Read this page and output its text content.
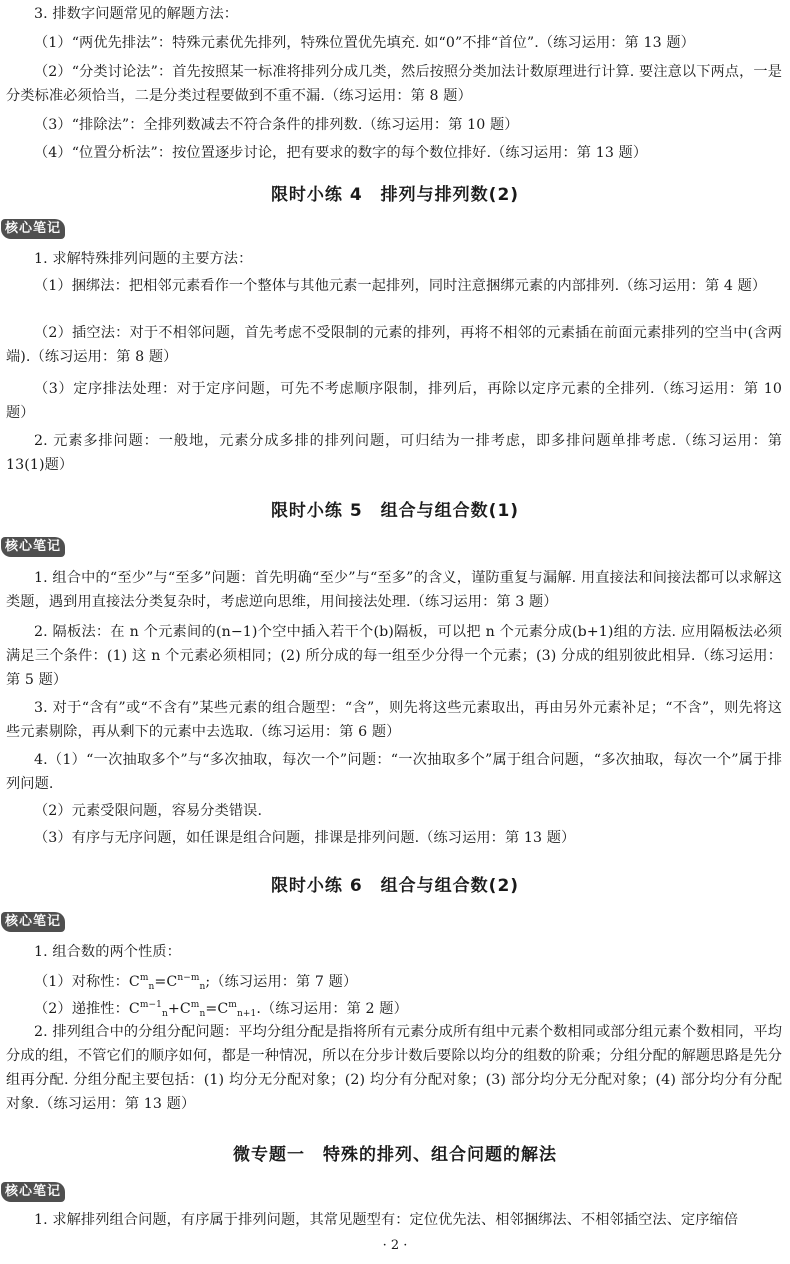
3. 排数字问题常见的解题方法：

（1）“两优先排法”：特殊元素优先排列，特殊位置优先填充. 如“0”不排“首位”.（练习运用：第 13 题）

（2）“分类讨论法”：首先按照某一标准将排列分成几类，然后按照分类加法计数原理进行计算. 要注意以下两点，一是分类标准必须恰当，二是分类过程要做到不重不漏.（练习运用：第 8 题）

（3）“排除法”：全排列数减去不符合条件的排列数.（练习运用：第 10 题）

（4）“位置分析法”：按位置逐步讨论，把有要求的数字的每个数位排好.（练习运用：第 13 题）

限时小练 4　排列与排列数(2)
核心笔记

1. 求解特殊排列问题的主要方法：

（1）捆绑法：把相邻元素看作一个整体与其他元素一起排列，同时注意捆绑元素的内部排列.（练习运用：第 4 题）

（2）插空法：对于不相邻问题，首先考虑不受限制的元素的排列，再将不相邻的元素插在前面元素排列的空当中(含两端).（练习运用：第 8 题）

（3）定序排法处理：对于定序问题，可先不考虑顺序限制，排列后，再除以定序元素的全排列.（练习运用：第 10 题）

2. 元素多排问题：一般地，元素分成多排的排列问题，可归结为一排考虑，即多排问题单排考虑.（练习运用：第 13(1)题）

限时小练 5　组合与组合数(1)
核心笔记

1. 组合中的“至少”与“至多”问题：首先明确“至少”与“至多”的含义，谨防重复与漏解. 用直接法和间接法都可以求解这类题，遇到用直接法分类复杂时，考虑逆向思维，用间接法处理.（练习运用：第 3 题）

2. 隔板法：在 n 个元素间的(n−1)个空中插入若干个(b)隔板，可以把 n 个元素分成(b+1)组的方法. 应用隔板法必须满足三个条件：(1) 这 n 个元素必须相同；(2) 所分成的每一组至少分得一个元素；(3) 分成的组别彼此相异.（练习运用：第 5 题）

3. 对于“含有”或“不含有”某些元素的组合题型：“含”，则先将这些元素取出，再由另外元素补足；“不含”，则先将这些元素剔除，再从剩下的元素中去选取.（练习运用：第 6 题）

4.（1）“一次抽取多个”与“多次抽取，每次一个”问题：“一次抽取多个”属于组合问题，“多次抽取，每次一个”属于排列问题.

（2）元素受限问题，容易分类错误.

（3）有序与无序问题，如任课是组合问题，排课是排列问题.（练习运用：第 13 题）

限时小练 6　组合与组合数(2)
核心笔记

1. 组合数的两个性质：

（1）对称性：$C^m_n=C^{n-m}_n$;（练习运用：第 7 题）

（2）递推性：$C^{m-1}_n+C^m_n=C^m_{n+1}$.（练习运用：第 2 题）

2. 排列组合中的分组分配问题：平均分组分配是指将所有元素分成所有组中元素个数相同或部分组元素个数相同，平均分成的组，不管它们的顺序如何，都是一种情况，所以在分步计数后要除以均分的组数的阶乘；分组分配的解题思路是先分组再分配. 分组分配主要包括：(1) 均分无分配对象；(2) 均分有分配对象；(3) 部分均分无分配对象；(4) 部分均分有分配对象.（练习运用：第 13 题）

微专题一　特殊的排列、组合问题的解法
核心笔记

1. 求解排列组合问题，有序属于排列问题，其常见题型有：定位优先法、相邻捆绑法、不相邻插空法、定序缩倍

· 2 ·
